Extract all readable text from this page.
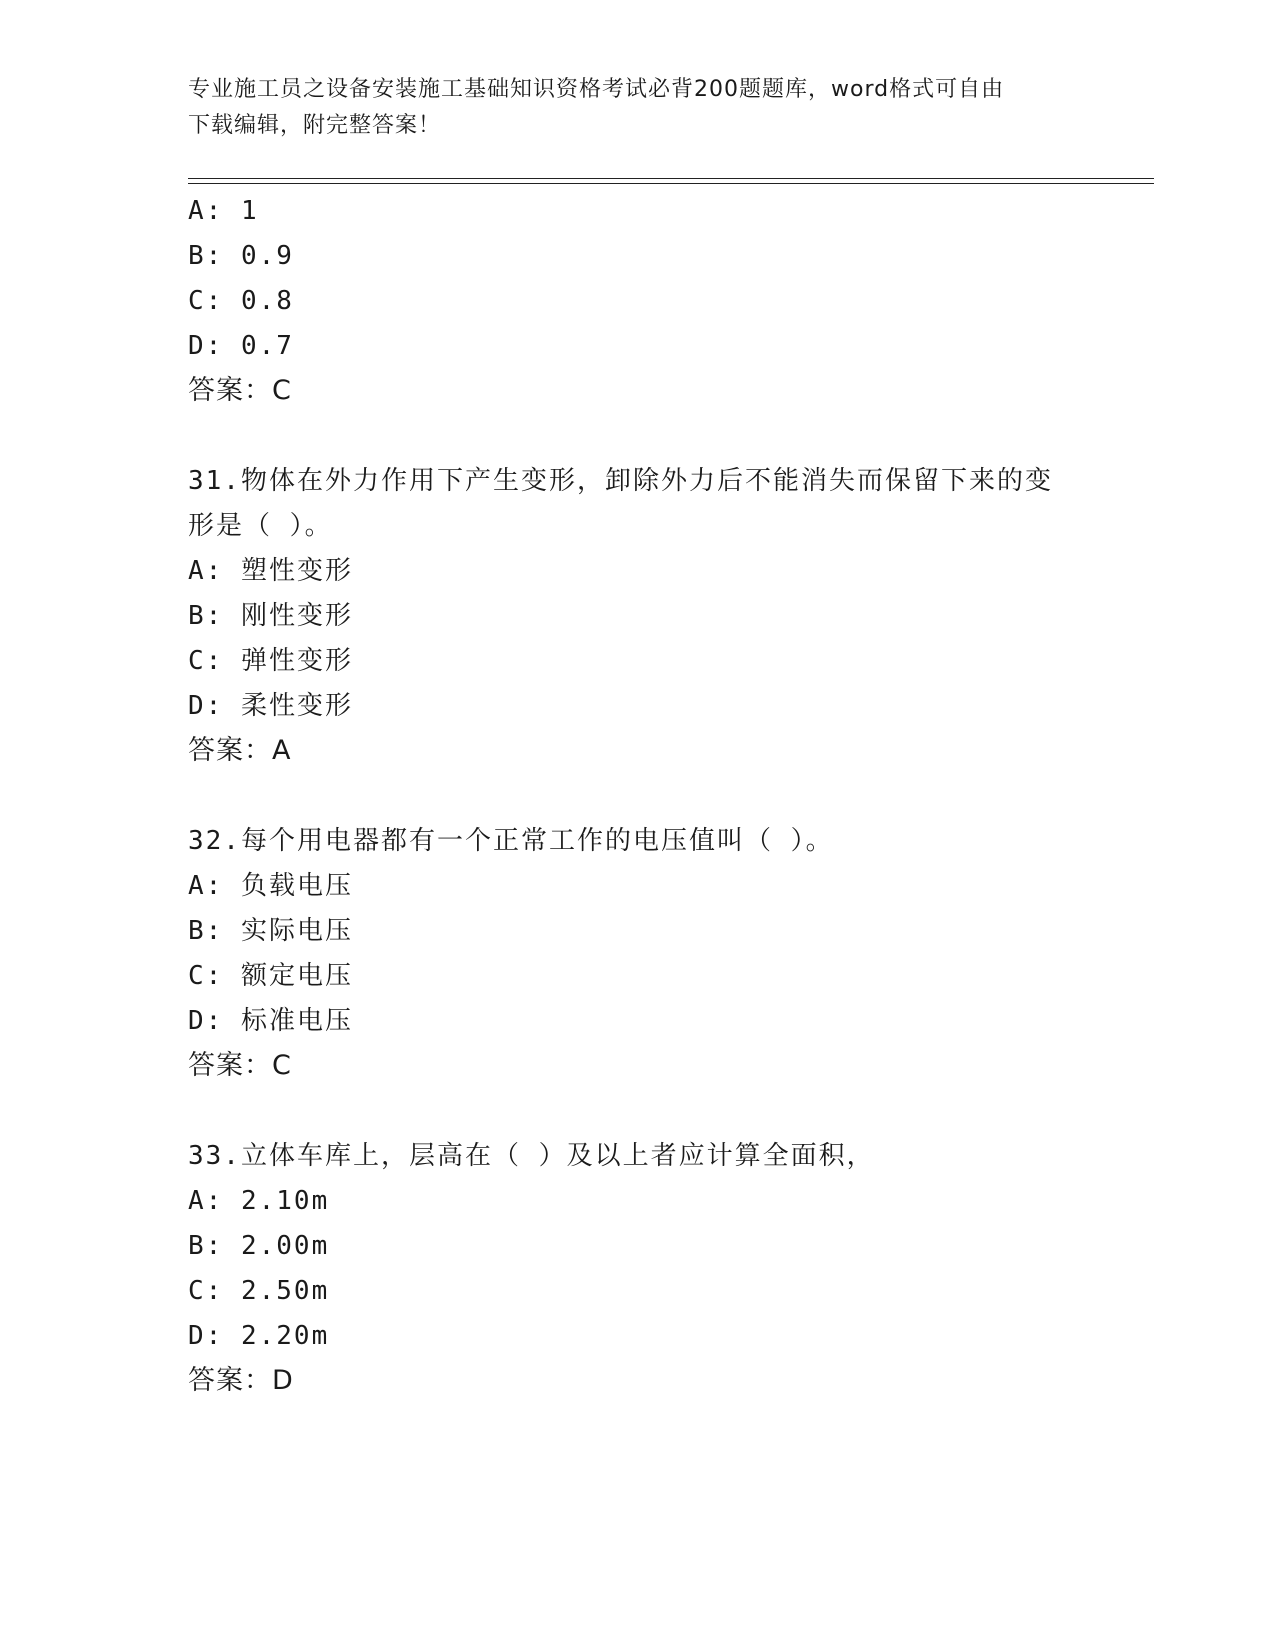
专业施工员之设备安装施工基础知识资格考试必背200题题库，word格式可自由
下载编辑，附完整答案！
A: 1
B: 0.9
C: 0.8
D: 0.7
答案：C
31.物体在外力作用下产生变形，卸除外力后不能消失而保留下来的变
形是（ ）。
A: 塑性变形
B: 刚性变形
C: 弹性变形
D: 柔性变形
答案：A
32.每个用电器都有一个正常工作的电压值叫（ ）。
A: 负载电压
B: 实际电压
C: 额定电压
D: 标准电压
答案：C
33.立体车库上，层高在（ ）及以上者应计算全面积，
A: 2.10m
B: 2.00m
C: 2.50m
D: 2.20m
答案：D
